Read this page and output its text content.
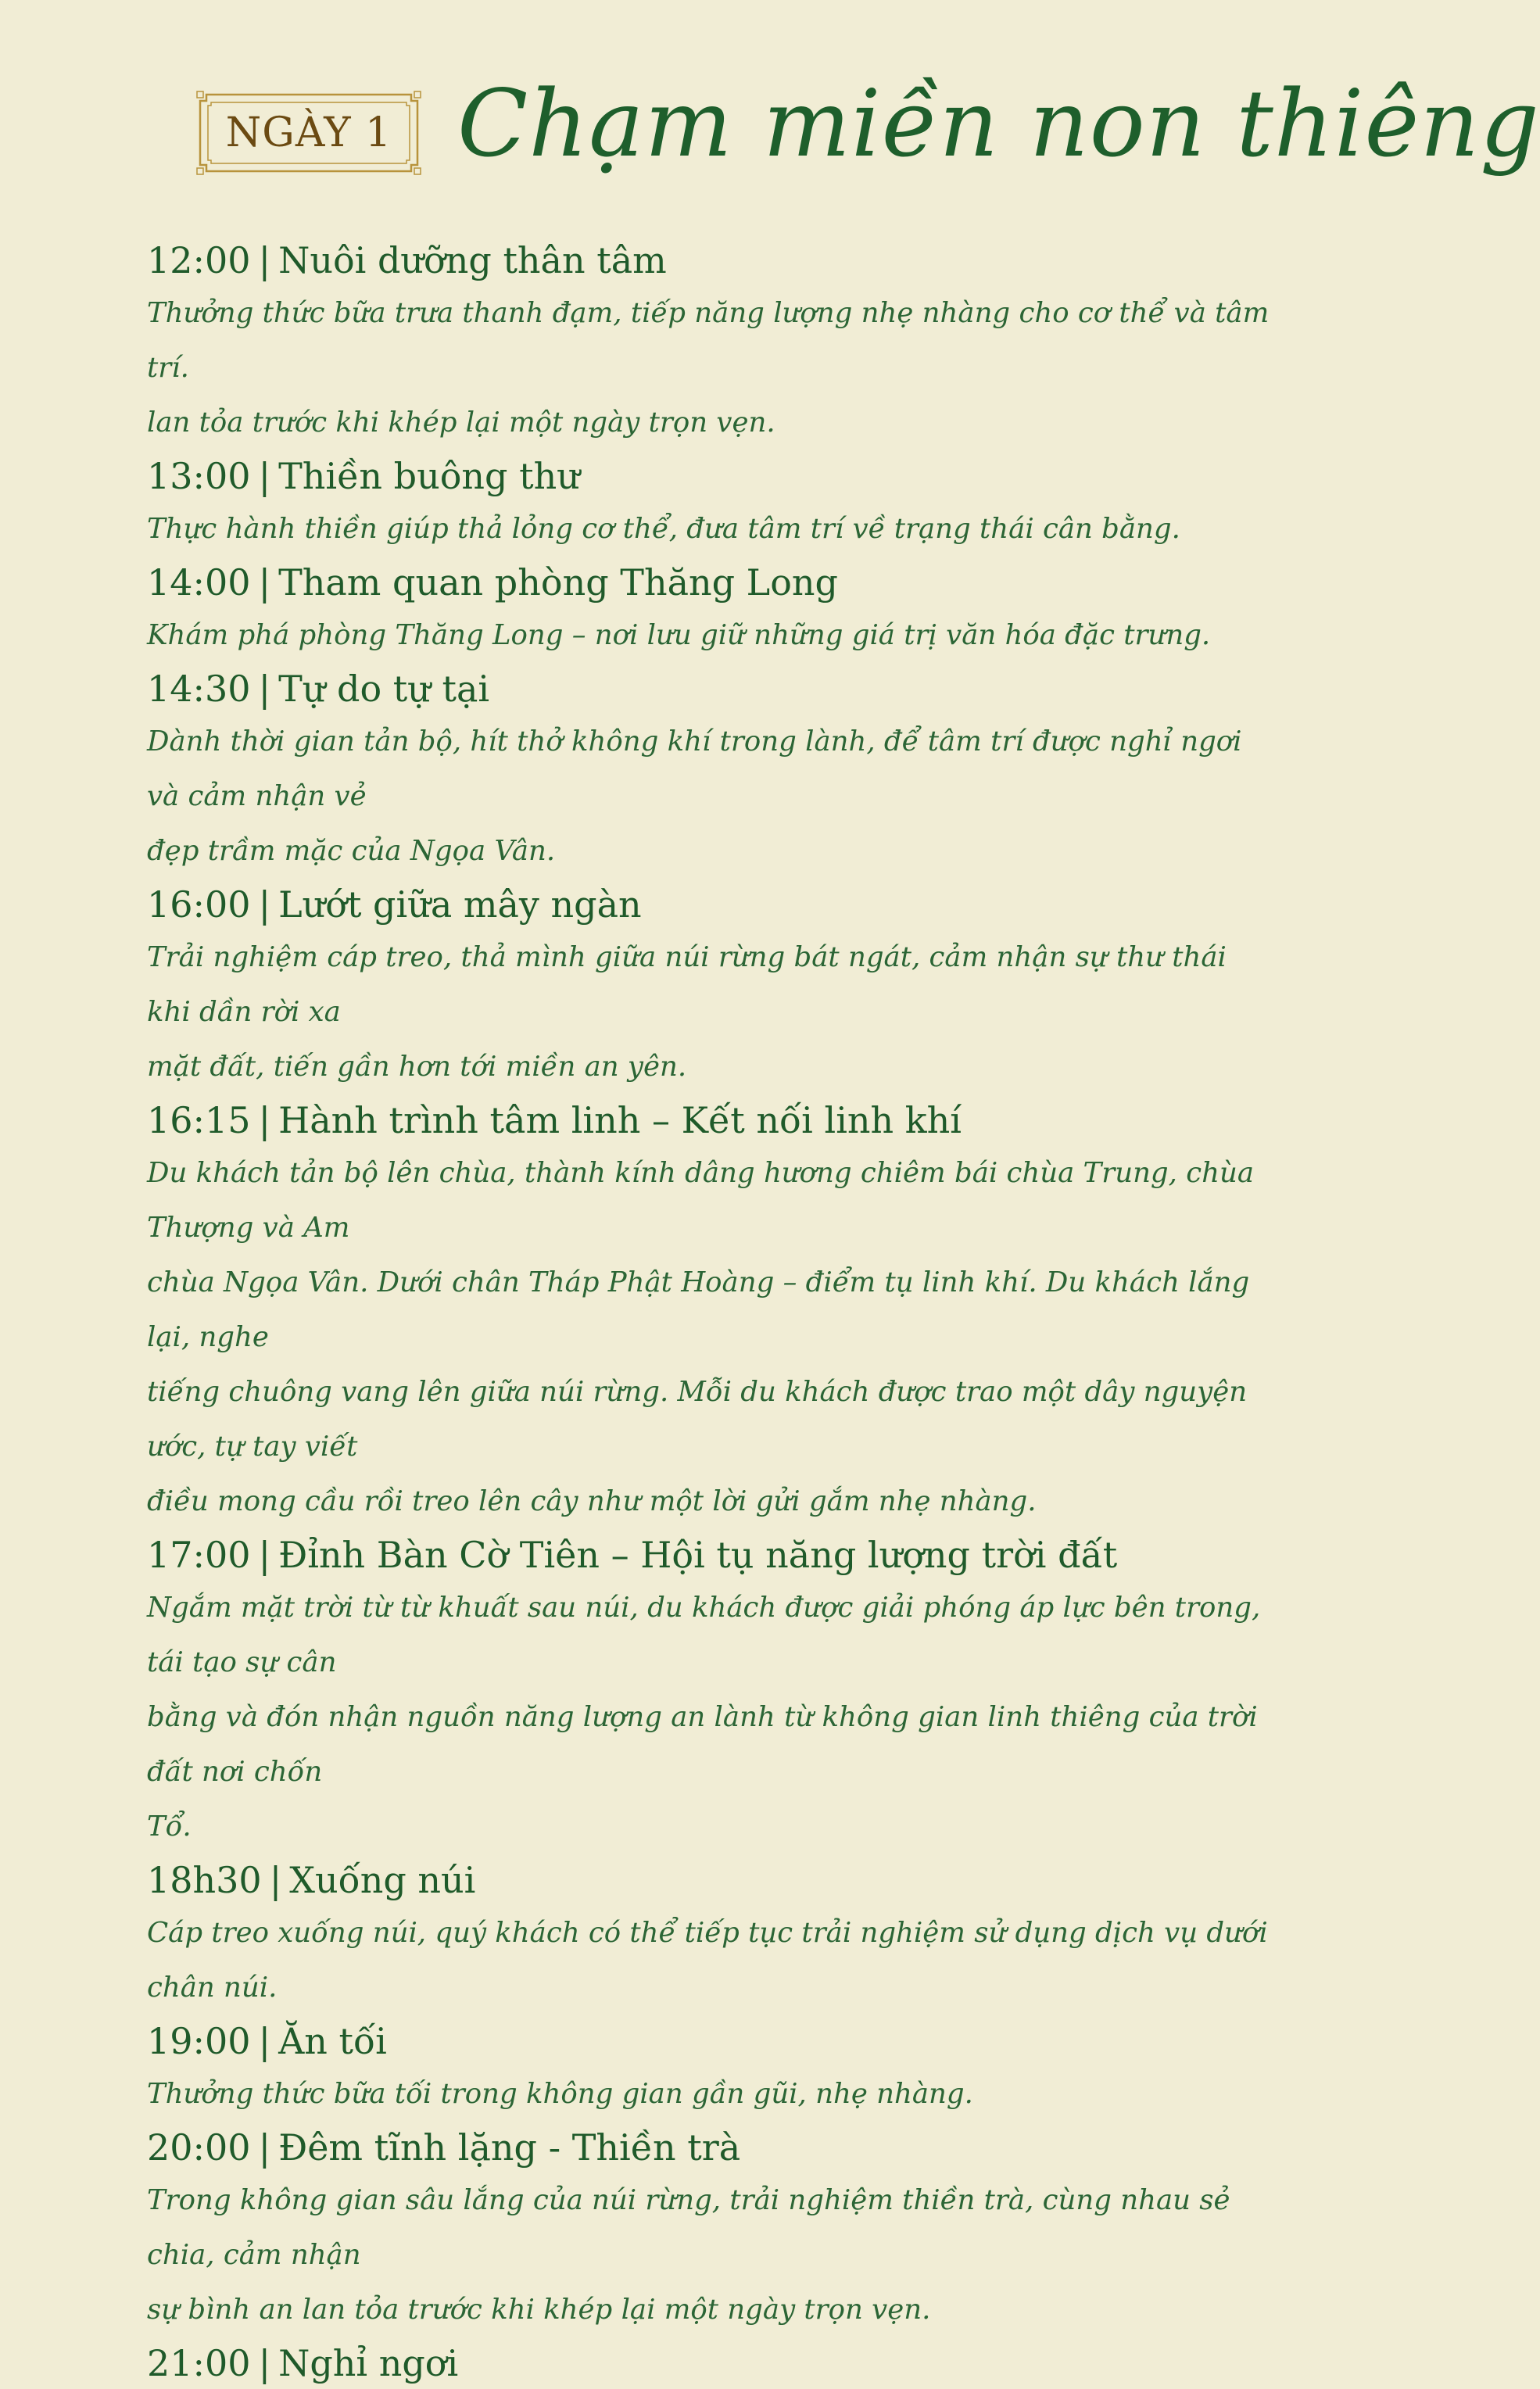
NGÀY 1 Chạm miền non thiêng
12:00 | Nuôi dưỡng thân tâm
Thưởng thức bữa trưa thanh đạm, tiếp năng lượng nhẹ nhàng cho cơ thể và tâm trí.
lan tỏa trước khi khép lại một ngày trọn vẹn.
13:00 | Thiền buông thư
Thực hành thiền giúp thả lỏng cơ thể, đưa tâm trí về trạng thái cân bằng.
14:00 | Tham quan phòng Thăng Long
Khám phá phòng Thăng Long – nơi lưu giữ những giá trị văn hóa đặc trưng.
14:30 | Tự do tự tại
Dành thời gian tản bộ, hít thở không khí trong lành, để tâm trí được nghỉ ngơi và cảm nhận vẻ
đẹp trầm mặc của Ngọa Vân.
16:00 | Lướt giữa mây ngàn
Trải nghiệm cáp treo, thả mình giữa núi rừng bát ngát, cảm nhận sự thư thái khi dần rời xa
mặt đất, tiến gần hơn tới miền an yên.
16:15 | Hành trình tâm linh – Kết nối linh khí
Du khách tản bộ lên chùa, thành kính dâng hương chiêm bái chùa Trung, chùa Thượng và Am
chùa Ngọa Vân. Dưới chân Tháp Phật Hoàng – điểm tụ linh khí. Du khách lắng lại, nghe
tiếng chuông vang lên giữa núi rừng. Mỗi du khách được trao một dây nguyện ước, tự tay viết
điều mong cầu rồi treo lên cây như một lời gửi gắm nhẹ nhàng.
17:00 | Đỉnh Bàn Cờ Tiên – Hội tụ năng lượng trời đất
Ngắm mặt trời từ từ khuất sau núi, du khách được giải phóng áp lực bên trong, tái tạo sự cân
bằng và đón nhận nguồn năng lượng an lành từ không gian linh thiêng của trời đất nơi chốn
Tổ.
18h30 | Xuống núi
Cáp treo xuống núi, quý khách có thể tiếp tục trải nghiệm sử dụng dịch vụ dưới chân núi.
19:00 | Ăn tối
Thưởng thức bữa tối trong không gian gần gũi, nhẹ nhàng.
20:00 | Đêm tĩnh lặng - Thiền trà
Trong không gian sâu lắng của núi rừng, trải nghiệm thiền trà, cùng nhau sẻ chia, cảm nhận
sự bình an lan tỏa trước khi khép lại một ngày trọn vẹn.
21:00 | Nghỉ ngơi
